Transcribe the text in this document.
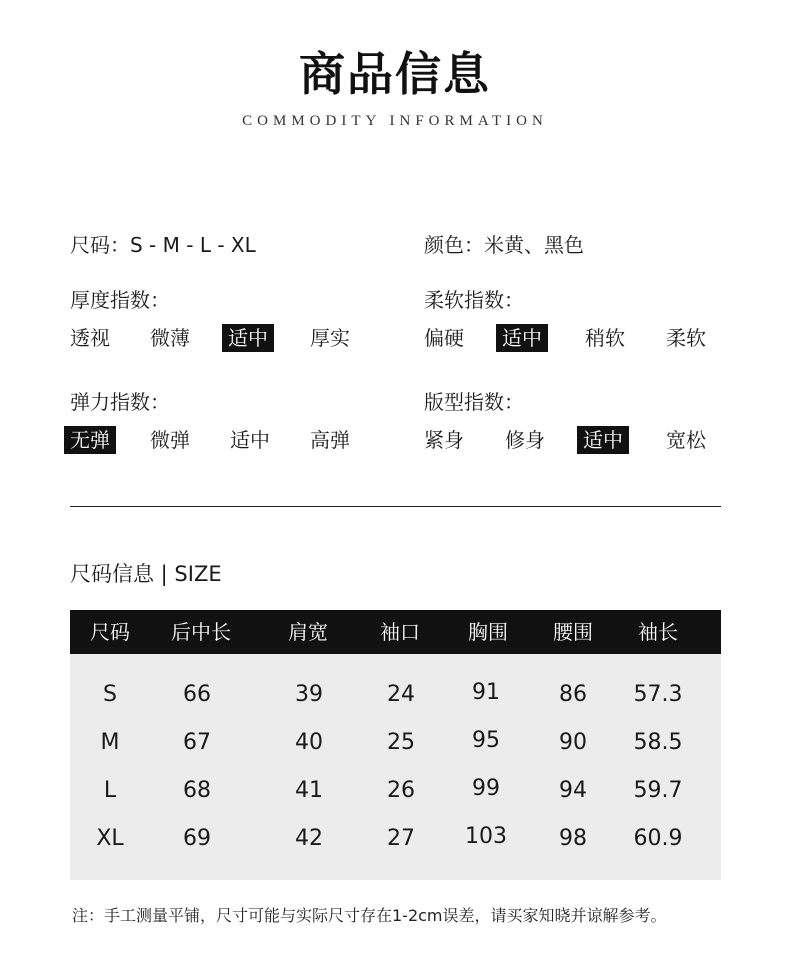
商品信息
COMMODITY INFORMATION
尺码：S - M - L - XL	颜色：米黄、黑色
厚度指数：
透视 微薄	适中	厚实
柔软指数：
偏硬	适中	稍软 柔软
弹力指数：
无弹	微弹 适中 高弹
版型指数：
紧身 修身	适中	宽松
尺码信息 | SIZE
尺码 后中长	肩宽	袖口 胸围 腰围 袖长
S	66	39	24	91	86 57.3
M	67	40	25	95	90 58.5
L	68	41	26	99	94 59.7
XL	69	42	27 103 98 60.9
注：手工测量平铺，尺寸可能与实际尺寸存在1-2cm误差，请买家知晓并谅解参考。
